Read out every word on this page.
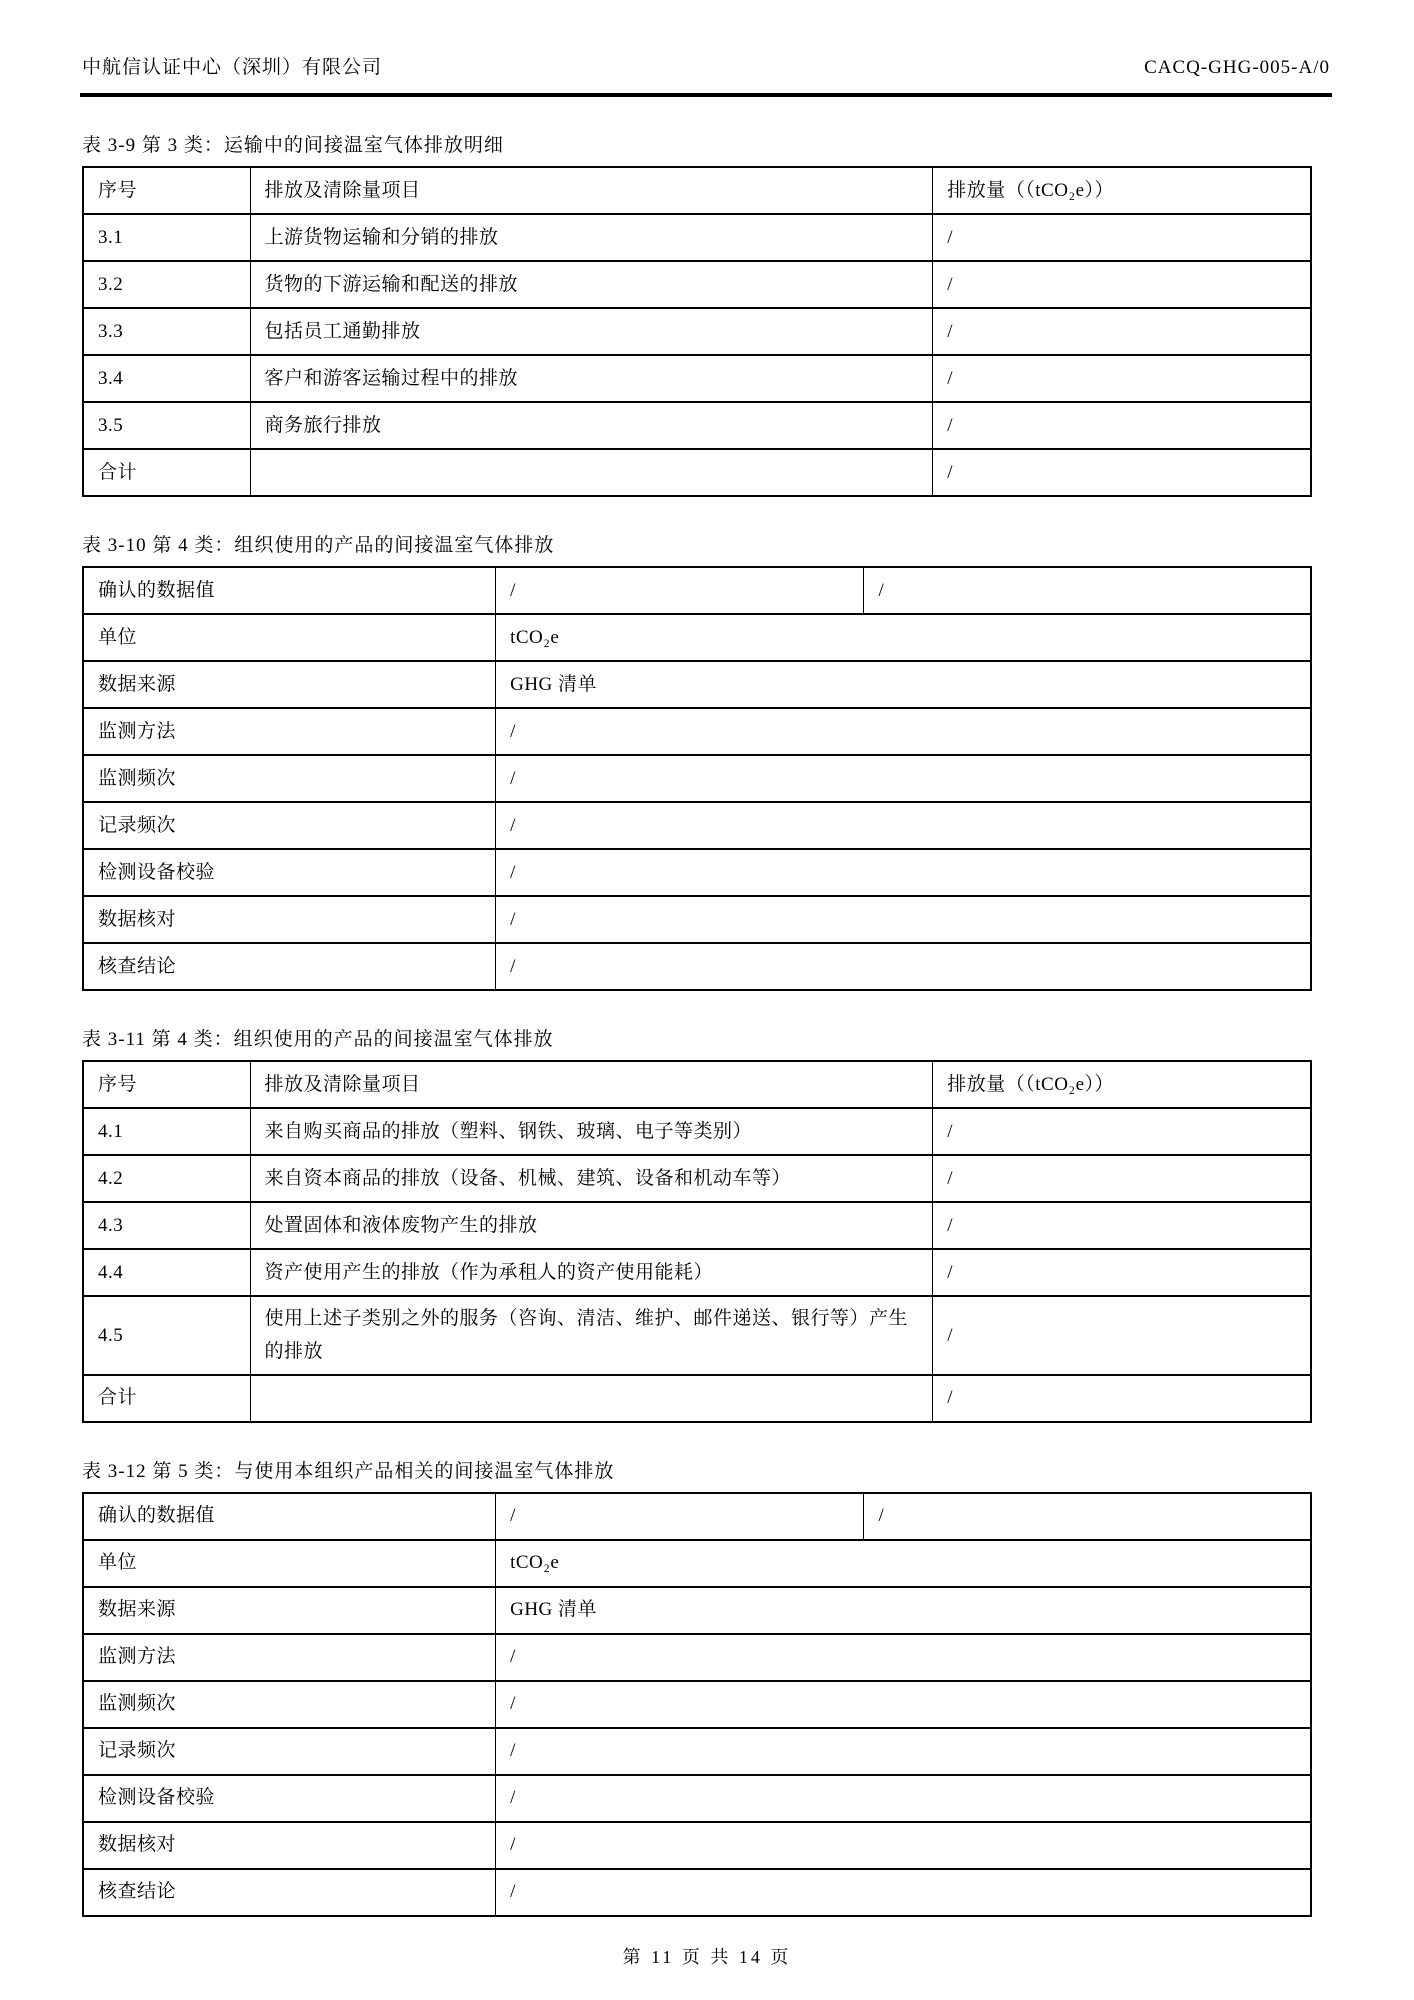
中航信认证中心（深圳）有限公司	CACQ-GHG-005-A/0
表 3-9 第 3 类：运输中的间接温室气体排放明细
序号	排放及清除量项目	排放量（（tCO₂e））
3.1	上游货物运输和分销的排放	/
3.2	货物的下游运输和配送的排放	/
3.3	包括员工通勤排放	/
3.4	客户和游客运输过程中的排放	/
3.5	商务旅行排放	/
合计		/
表 3-10 第 4 类：组织使用的产品的间接温室气体排放
确认的数据值	/	/
单位	tCO₂e	
数据来源	GHG 清单	
监测方法	/	
监测频次	/	
记录频次	/	
检测设备校验	/	
数据核对	/	
核查结论	/	
表 3-11 第 4 类：组织使用的产品的间接温室气体排放
序号	排放及清除量项目	排放量（（tCO₂e））
4.1	来自购买商品的排放（塑料、钢铁、玻璃、电子等类别）	/
4.2	来自资本商品的排放（设备、机械、建筑、设备和机动车等）	/
4.3	处置固体和液体废物产生的排放	/
4.4	资产使用产生的排放（作为承租人的资产使用能耗）	/
4.5	使用上述子类别之外的服务（咨询、清洁、维护、邮件递送、银行等）产生的排放	/
合计		/
表 3-12 第 5 类：与使用本组织产品相关的间接温室气体排放
确认的数据值	/	/
单位	tCO₂e	
数据来源	GHG 清单	
监测方法	/	
监测频次	/	
记录频次	/	
检测设备校验	/	
数据核对	/	
核查结论	/	
第 11 页 共 14 页
